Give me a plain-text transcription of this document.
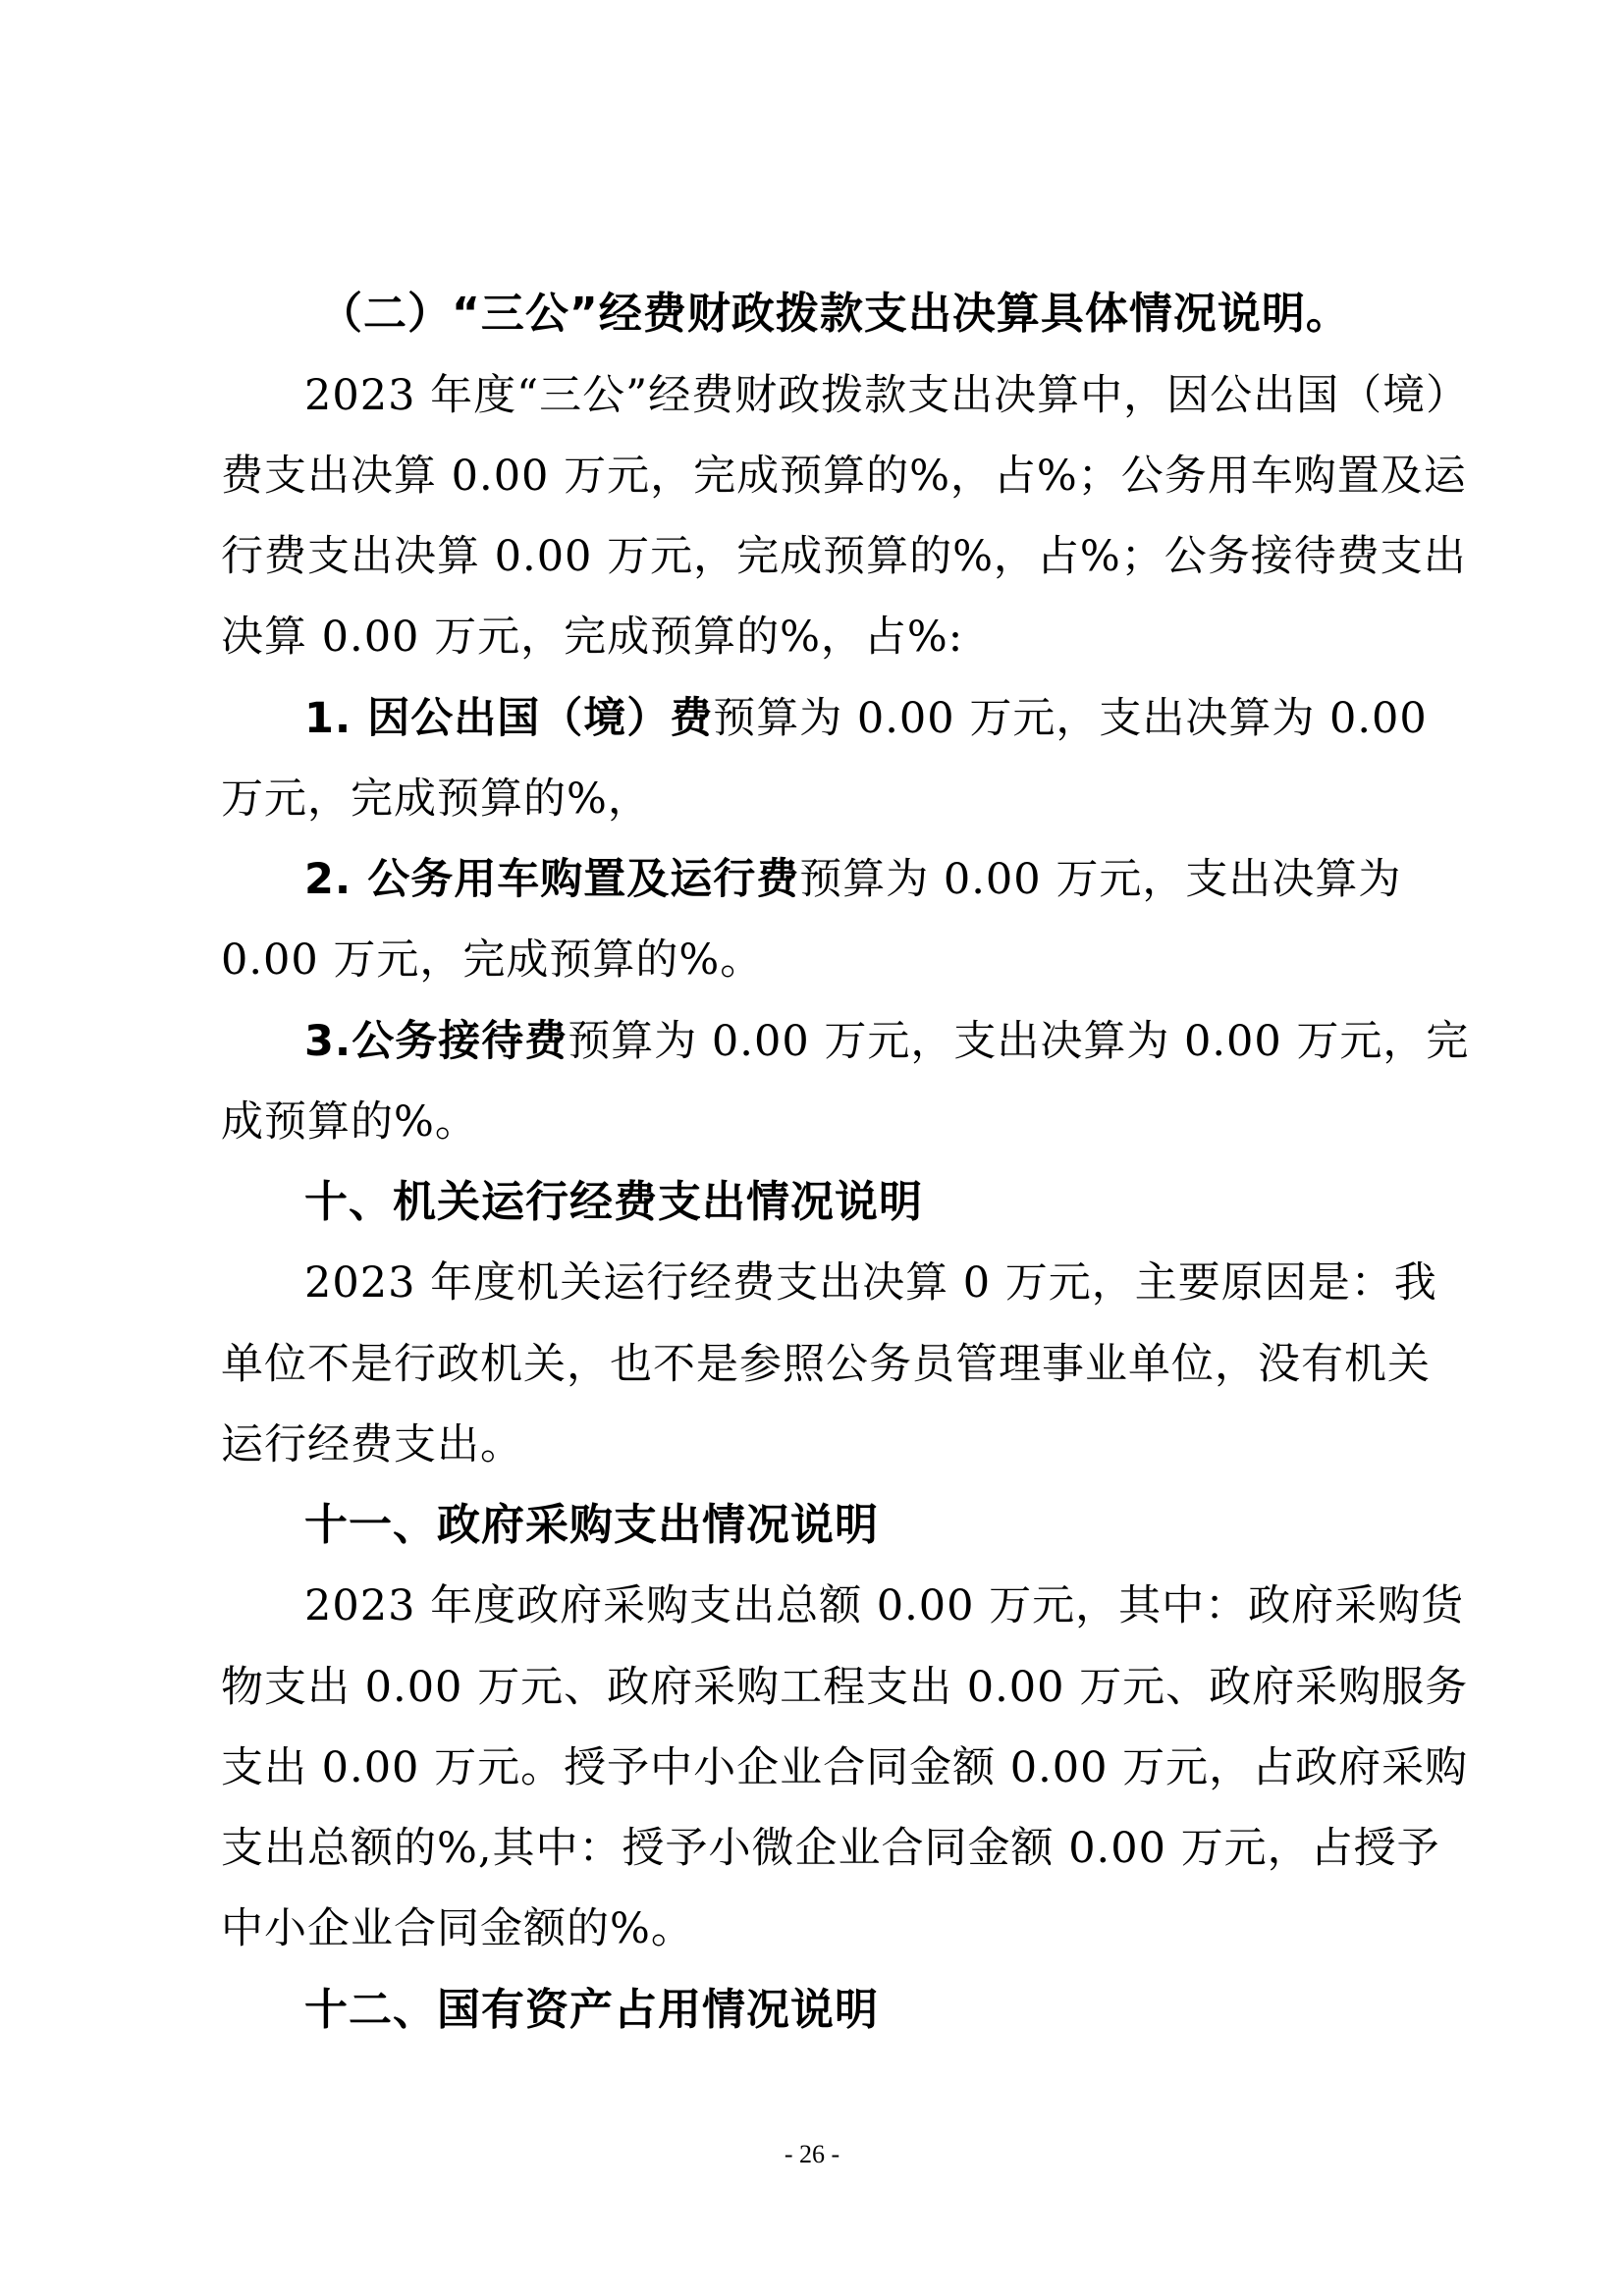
（二）“三公”经费财政拨款支出决算具体情况说明。
2023 年度“三公”经费财政拨款支出决算中，因公出国（境）
费支出决算 0.00 万元，完成预算的%，占%；公务用车购置及运
行费支出决算 0.00 万元，完成预算的%，占%；公务接待费支出
决算 0.00 万元，完成预算的%，占%:
1. 因公出国（境）费预算为 0.00 万元，支出决算为 0.00
万元，完成预算的%，
2. 公务用车购置及运行费预算为 0.00 万元，支出决算为
0.00 万元，完成预算的%。
3.公务接待费预算为 0.00 万元，支出决算为 0.00 万元，完
成预算的%。
十、机关运行经费支出情况说明
2023 年度机关运行经费支出决算 0 万元，主要原因是：我
单位不是行政机关，也不是参照公务员管理事业单位，没有机关
运行经费支出。
十一、政府采购支出情况说明
2023 年度政府采购支出总额 0.00 万元，其中：政府采购货
物支出 0.00 万元、政府采购工程支出 0.00 万元、政府采购服务
支出 0.00 万元。授予中小企业合同金额 0.00 万元，占政府采购
支出总额的%,其中：授予小微企业合同金额 0.00 万元，占授予
中小企业合同金额的%。
十二、国有资产占用情况说明
- 26 -
